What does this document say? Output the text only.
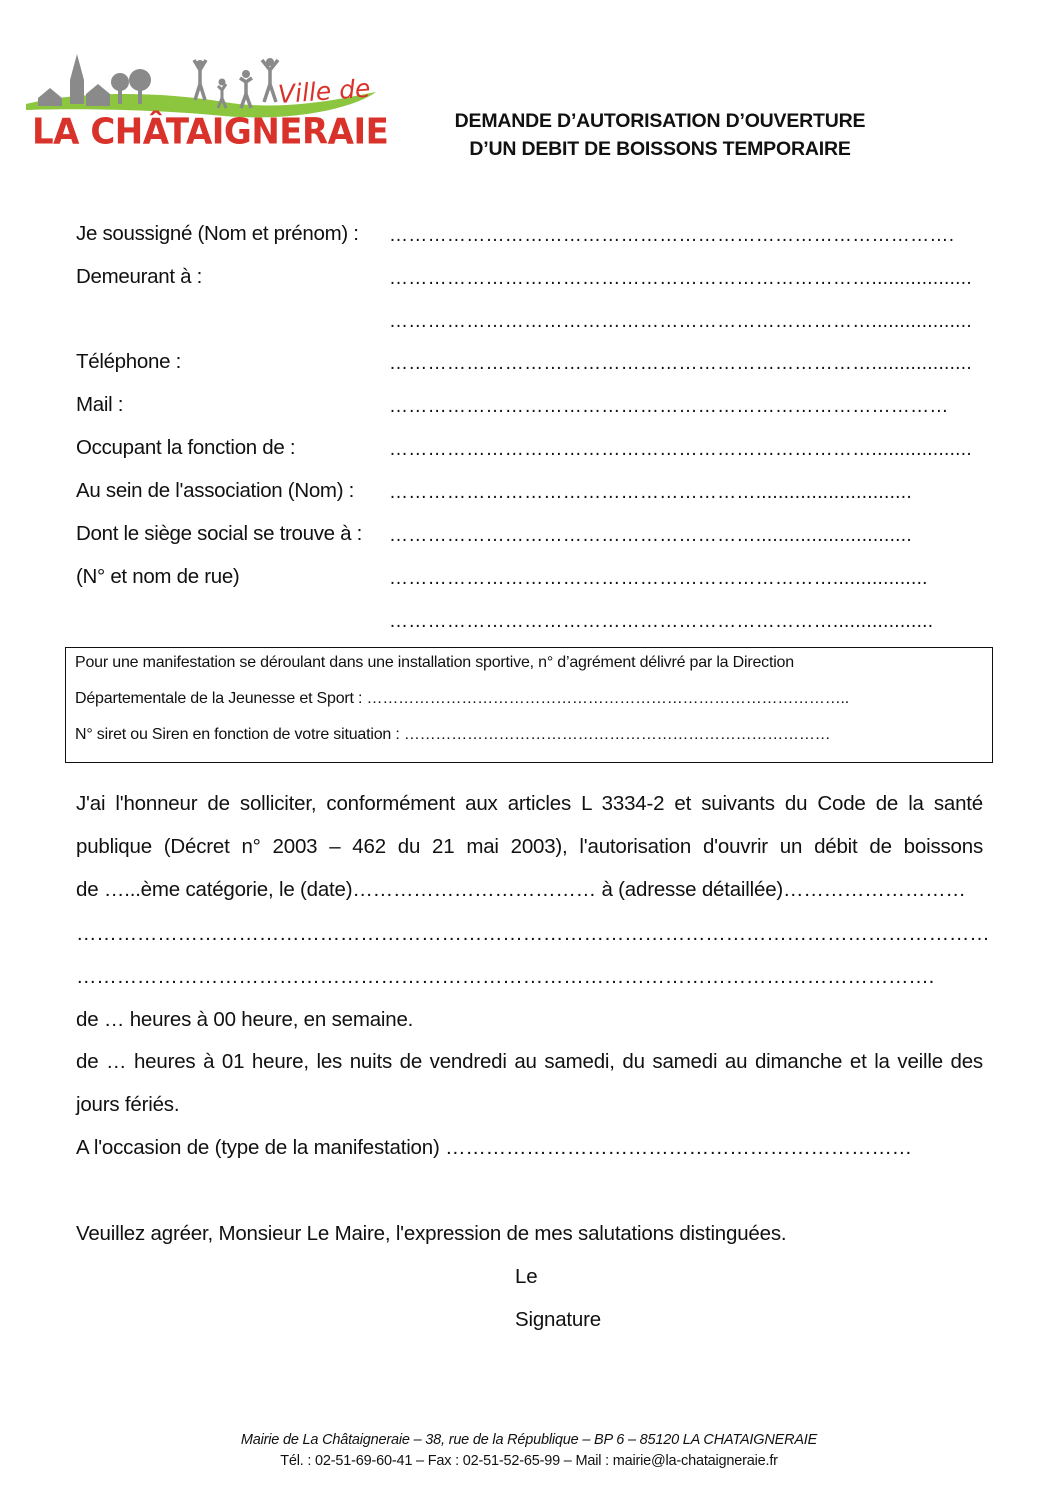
Ville de
LA CHÂTAIGNERAIE	DEMANDE D’AUTORISATION D’OUVERTURE
D’UN DEBIT DE BOISSONS TEMPORAIRE
Je soussigné (Nom et prénom) : …………………………………………………………………………….
Demeurant à :	…………………………………………………………………..................
…………………………………………………………………..................
Téléphone :	…………………………………………………………………..................
Mail :	……………………………………………………………………………
Occupant la fonction de :	…………………………………………………………………..................
Au sein de l'association (Nom) : …………………………………………………............................
Dont le siège social se trouve à : …………………………………………………............................
(N° et nom de rue)	…………………………………………………………….................
……………………………………………………………..................
Pour une manifestation se déroulant dans une installation sportive, n° d’agrément délivré par la Direction
Départementale de la Jeunesse et Sport : ………………………………………………………………………………..
N° siret ou Siren en fonction de votre situation : ………………………………………………………………………
J'ai l'honneur de solliciter, conformément aux articles L 3334-2 et suivants du Code de la santé
publique (Décret n° 2003 – 462 du 21 mai 2003), l'autorisation d'ouvrir un débit de boissons
de …...ème catégorie, le (date)……………………………… à (adresse détaillée)………………………
………………………………………………………………………………………………………………………
……………………………………………………………………………………………………………….
de … heures à 00 heure, en semaine.
de … heures à 01 heure, les nuits de vendredi au samedi, du samedi au dimanche et la veille des
jours fériés.
A l'occasion de (type de la manifestation) ……………………………………………………………
Veuillez agréer, Monsieur Le Maire, l'expression de mes salutations distinguées.
Le
Signature
Mairie de La Châtaigneraie – 38, rue de la République – BP 6 – 85120 LA CHATAIGNERAIE
Tél. : 02-51-69-60-41 – Fax : 02-51-52-65-99 – Mail : mairie@la-chataigneraie.fr
